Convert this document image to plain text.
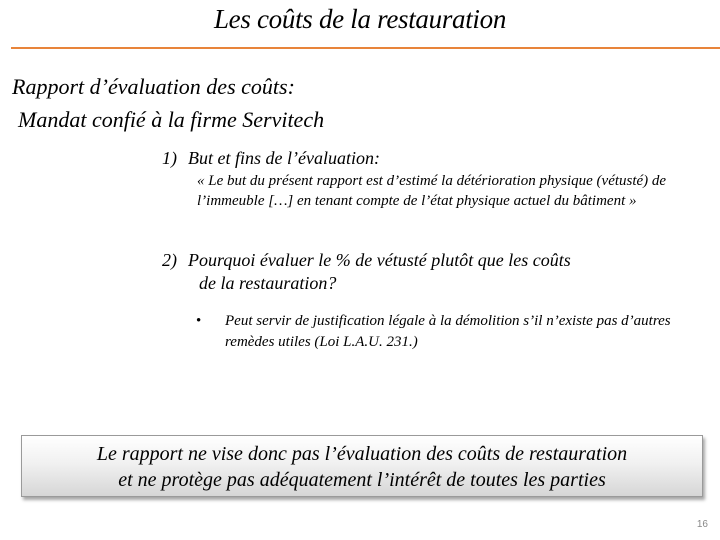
Les coûts de la restauration
Rapport d’évaluation des coûts:
Mandat confié à la firme Servitech
1) But et fins de l’évaluation:
« Le but du présent rapport est d’estimé la détérioration physique (vétusté) de l’immeuble […] en tenant compte de l’état physique actuel du bâtiment »
2) Pourquoi évaluer le % de vétusté plutôt que les coûts
de la restauration?
• Peut servir de justification légale à la démolition s’il n’existe pas d’autres remèdes utiles (Loi L.A.U. 231.)
Le rapport ne vise donc pas l’évaluation des coûts de restauration
et ne protège pas adéquatement l’intérêt de toutes les parties
16
